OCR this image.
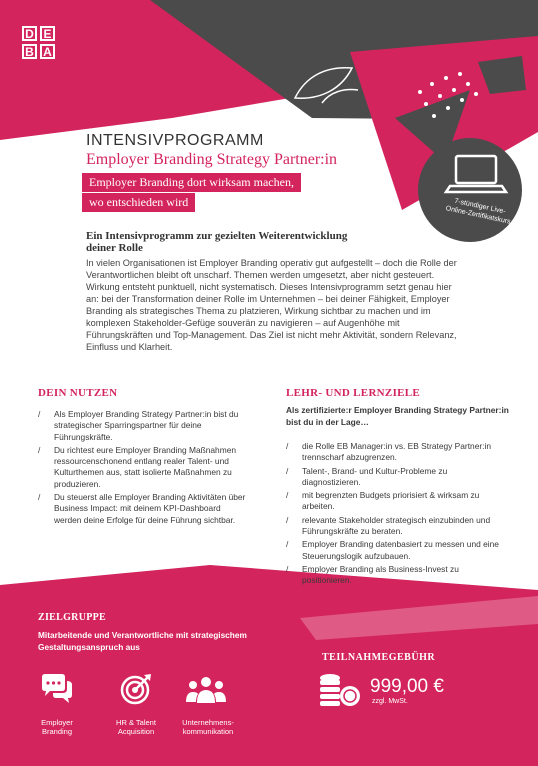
D E
B A
INTENSIVPROGRAMM
Employer Branding Strategy Partner:in
Employer Branding dort wirksam machen,
wo entschieden wird	7-stündiger Live-Online-Zertifikatskurs
Ein Intensivprogramm zur gezielten Weiterentwicklung
deiner Rolle
In vielen Organisationen ist Employer Branding operativ gut aufgestellt – doch die Rolle der Verantwortlichen bleibt oft unscharf. Themen werden umgesetzt, aber nicht gesteuert. Wirkung entsteht punktuell, nicht systematisch. Dieses Intensivprogramm setzt genau hier an: bei der Transformation deiner Rolle im Unternehmen – bei deiner Fähigkeit, Employer Branding als strategisches Thema zu platzieren, Wirkung sichtbar zu machen und im komplexen Stakeholder-Gefüge souverän zu navigieren – auf Augenhöhe mit Führungskräften und Top-Management. Das Ziel ist nicht mehr Aktivität, sondern Relevanz, Einfluss und Klarheit.
DEIN NUTZEN
/ Als Employer Branding Strategy Partner:in bist du strategischer Sparringspartner für deine Führungskräfte.
/ Du richtest eure Employer Branding Maßnahmen ressourcenschonend entlang realer Talent- und Kulturthemen aus, statt isolierte Maßnahmen zu produzieren.
/ Du steuerst alle Employer Branding Aktivitäten über Business Impact: mit deinem KPI-Dashboard werden deine Erfolge für deine Führung sichtbar.
LEHR- UND LERNZIELE
Als zertifizierte:r Employer Branding Strategy Partner:in bist du in der Lage…
/ die Rolle EB Manager:in vs. EB Strategy Partner:in trennscharf abzugrenzen.
/ Talent-, Brand- und Kultur-Probleme zu diagnostizieren.
/ mit begrenzten Budgets priorisiert & wirksam zu arbeiten.
/ relevante Stakeholder strategisch einzubinden und Führungskräfte zu beraten.
/ Employer Branding datenbasiert zu messen und eine Steuerungslogik aufzubauen.
/ Employer Branding als Business-Invest zu positionieren.
ZIELGRUPPE
Mitarbeitende und Verantwortliche mit strategischem Gestaltungsanspruch aus
Employer
Branding
HR & Talent
Acquisition
Unternehmens-
kommunikation
TEILNAHMEGEBÜHR
999,00 €
zzgl. MwSt.
